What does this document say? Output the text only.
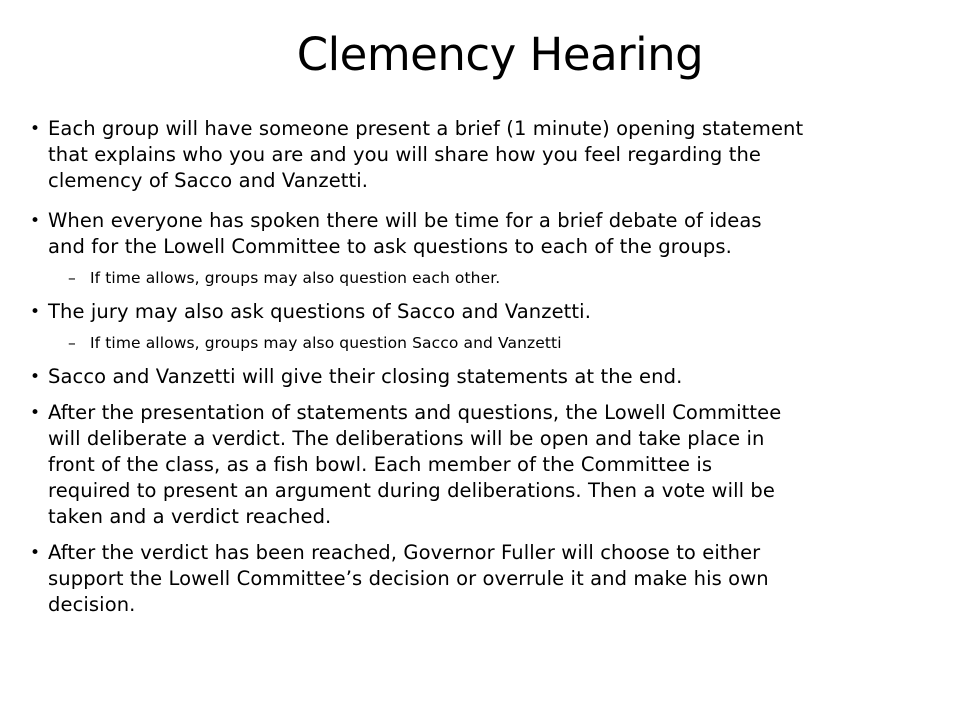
Clemency Hearing
• Each group will have someone present a brief (1 minute) opening statement
that explains who you are and you will share how you feel regarding the
clemency of Sacco and Vanzetti.
• When everyone has spoken there will be time for a brief debate of ideas
and for the Lowell Committee to ask questions to each of the groups.
– If time allows, groups may also question each other.
• The jury may also ask questions of Sacco and Vanzetti.
– If time allows, groups may also question Sacco and Vanzetti
• Sacco and Vanzetti will give their closing statements at the end.
• After the presentation of statements and questions, the Lowell Committee
will deliberate a verdict. The deliberations will be open and take place in
front of the class, as a fish bowl. Each member of the Committee is
required to present an argument during deliberations. Then a vote will be
taken and a verdict reached.
• After the verdict has been reached, Governor Fuller will choose to either
support the Lowell Committee’s decision or overrule it and make his own
decision.
